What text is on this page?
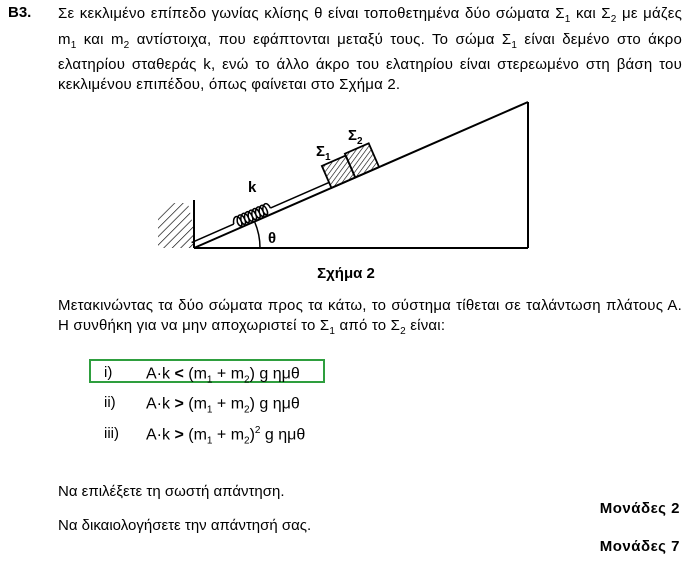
B3. Σε κεκλιμένο επίπεδο γωνίας κλίσης θ είναι τοποθετημένα δύο σώματα $\Sigma_1$ και $\Sigma_2$ με μάζες $m_1$ και $m_2$ αντίστοιχα, που εφάπτονται μεταξύ τους. Το σώμα $\Sigma_1$ είναι δεμένο στο άκρο ελατηρίου σταθεράς k, ενώ το άλλο άκρο του ελατηρίου είναι στερεωμένο στη βάση του κεκλιμένου επιπέδου, όπως φαίνεται στο Σχήμα 2.
k
θ
$\Sigma_1$
$\Sigma_2$
Σχήμα 2
Μετακινώντας τα δύο σώματα προς τα κάτω, το σύστημα τίθεται σε ταλάντωση πλάτους Α. Η συνθήκη για να μην αποχωριστεί το $\Sigma_1$ από το $\Sigma_2$ είναι:
i) $A\cdot k < (m_1 + m_2)$ g ημθ
ii) $A\cdot k > (m_1 + m_2)$ g ημθ
iii) $A\cdot k > (m_1 + m_2)^2$ g ημθ
Να επιλέξετε τη σωστή απάντηση.
Μονάδες 2
Να δικαιολογήσετε την απάντησή σας.
Μονάδες 7
